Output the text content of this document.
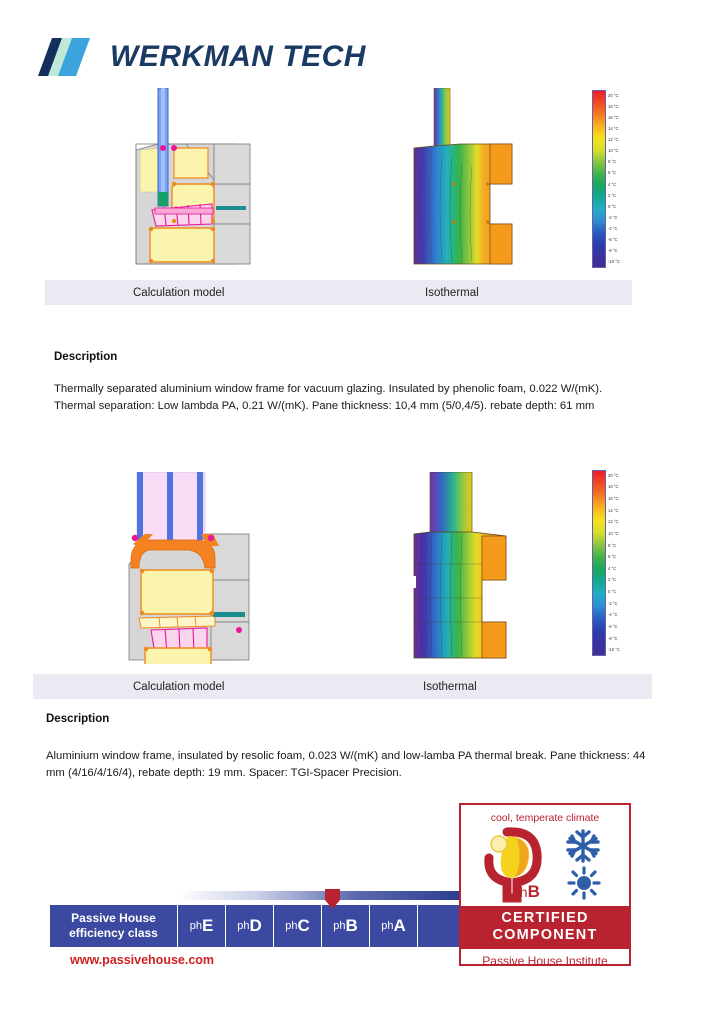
WERKMAN TECH
20 °C
18 °C
16 °C
14 °C
12 °C
10 °C
8 °C
6 °C
4 °C
2 °C
0 °C
-2 °C
-4 °C
-6 °C
-8 °C
-10 °C
Calculation model	Isothermal
Description
Thermally separated aluminium window frame for vacuum glazing. Insulated by phenolic foam, 0.022 W/(mK). Thermal separation: Low lambda PA, 0.21 W/(mK). Pane thickness: 10,4 mm (5/0,4/5). rebate depth: 61 mm
20 °C
18 °C
16 °C
14 °C
12 °C
10 °C
8 °C
6 °C
4 °C
2 °C
0 °C
-2 °C
-4 °C
-6 °C
-8 °C
-10 °C
Calculation model	Isothermal
Description
Aluminium window frame, insulated by resolic foam, 0.023 W/(mK) and low-lamba PA thermal break. Pane thickness: 44 mm (4/16/4/16/4), rebate depth: 19 mm. Spacer: TGI-Spacer Precision.
Passive House
efficiency class	ph E ph D ph C ph B ph A
www.passivehouse.com
cool, temperate climate
phB
CERTIFIED
COMPONENT
Passive House Institute
